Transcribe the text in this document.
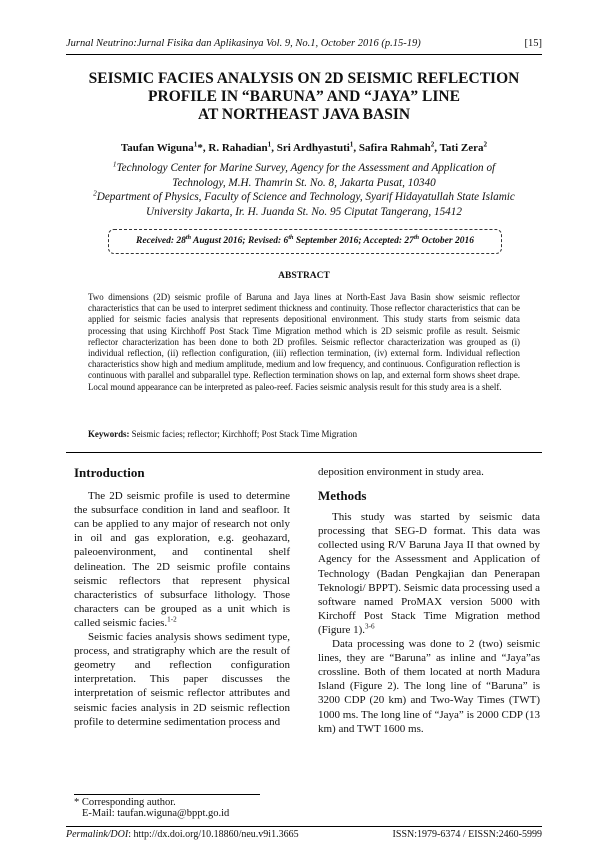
Jurnal Neutrino:Jurnal Fisika dan Aplikasinya Vol. 9, No.1, October 2016 (p.15-19)	[15]
SEISMIC FACIES ANALYSIS ON 2D SEISMIC REFLECTION
PROFILE IN “BARUNA” AND “JAYA” LINE
AT NORTHEAST JAVA BASIN
Taufan Wiguna$^1$*, R. Rahadian$^1$, Sri Ardhyastuti$^1$, Safira Rahmah$^2$, Tati Zera$^2$
$^1$Technology Center for Marine Survey, Agency for the Assessment and Application of
Technology, M.H. Thamrin St. No. 8, Jakarta Pusat, 10340
$^2$Department of Physics, Faculty of Science and Technology, Syarif Hidayatullah State Islamic
University Jakarta, Ir. H. Juanda St. No. 95 Ciputat Tangerang, 15412
Received: 28th August 2016; Revised: 6th September 2016; Accepted: 27th October 2016
ABSTRACT
Two dimensions (2D) seismic profile of Baruna and Jaya lines at North-East Java Basin show seismic reflector characteristics that can be used to interpret sediment thickness and continuity. Those reflector characteristics that can be applied for seismic facies analysis that represents depositional environment. This study starts from seismic data processing that using Kirchhoff Post Stack Time Migration method which is 2D seismic profile as result. Seismic reflector characterization has been done to both 2D profiles. Seismic reflector characterization was grouped as (i) individual reflection, (ii) reflection configuration, (iii) reflection termination, (iv) external form. Individual reflection characteristics show high and medium amplitude, medium and low frequency, and continuous. Configuration reflection is continuous with parallel and subparallel type. Reflection termination shows on lap, and external form shows sheet drape. Local mound appearance can be interpreted as paleo-reef. Facies seismic analysis result for this study area is a shelf.
Keywords: Seismic facies; reflector; Kirchhoff; Post Stack Time Migration
Introduction

The 2D seismic profile is used to determine the subsurface condition in land and seafloor. It can be applied to any major of research not only in oil and gas exploration, e.g. geohazard, paleoenvironment, and continental shelf delineation. The 2D seismic profile contains seismic reflectors that represent physical characteristics of subsurface lithology. Those characters can be grouped as a unit which is called seismic facies.$^{1-2}$

Seismic facies analysis shows sediment type, process, and stratigraphy which are the result of geometry and reflection configuration interpretation. This paper discusses the interpretation of seismic reflector attributes and seismic facies analysis in 2D seismic reflection profile to determine sedimentation process and

deposition environment in study area.
Methods

This study was started by seismic data processing that SEG-D format. This data was collected using R/V Baruna Jaya II that owned by Agency for the Assessment and Application of Technology (Badan Pengkajian dan Penerapan Teknologi/ BPPT). Seismic data processing used a software named ProMAX version 5000 with Kirchoff Post Stack Time Migration method (Figure 1).$^{3-6}$

Data processing was done to 2 (two) seismic lines, they are “Baruna” as inline and “Jaya”as crossline. Both of them located at north Madura Island (Figure 2). The long line of “Baruna” is 3200 CDP (20 km) and Two-Way Times (TWT) 1000 ms. The long line of “Jaya” is 2000 CDP (13 km) and TWT 1600 ms.

* Corresponding author.
E-Mail: taufan.wiguna@bppt.go.id
Permalink/DOI: http://dx.doi.org/10.18860/neu.v9i1.3665	ISSN:1979-6374 / EISSN:2460-5999
